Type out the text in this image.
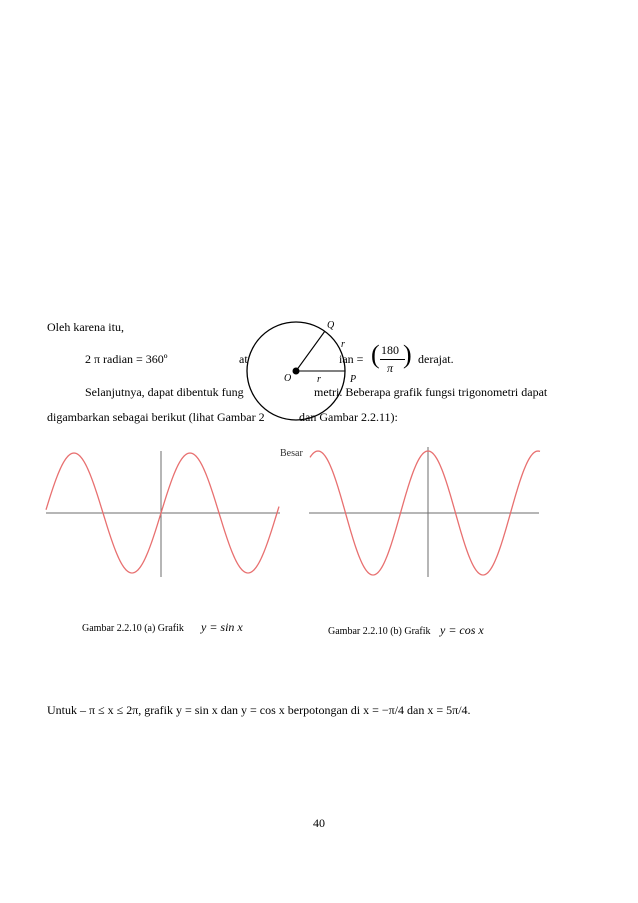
Oleh karena itu,
2 π radian = 360º	at	ian = ( 180
π ) derajat.
Selanjutnya, dapat dibentuk fung	metri. Beberapa grafik fungsi trigonometri dapat
digambarkan sebagai berikut (lihat Gambar 2	dan Gambar 2.2.11):
Q
r
O	r	P
Besar
Gambar 2.2.10 (a) Grafik y = sin x	Gambar 2.2.10 (b) Grafik y = cos x
Untuk – π ≤ x ≤ 2π, grafik y = sin x dan y = cos x berpotongan di x = −π/4 dan x = 5π/4.
40
